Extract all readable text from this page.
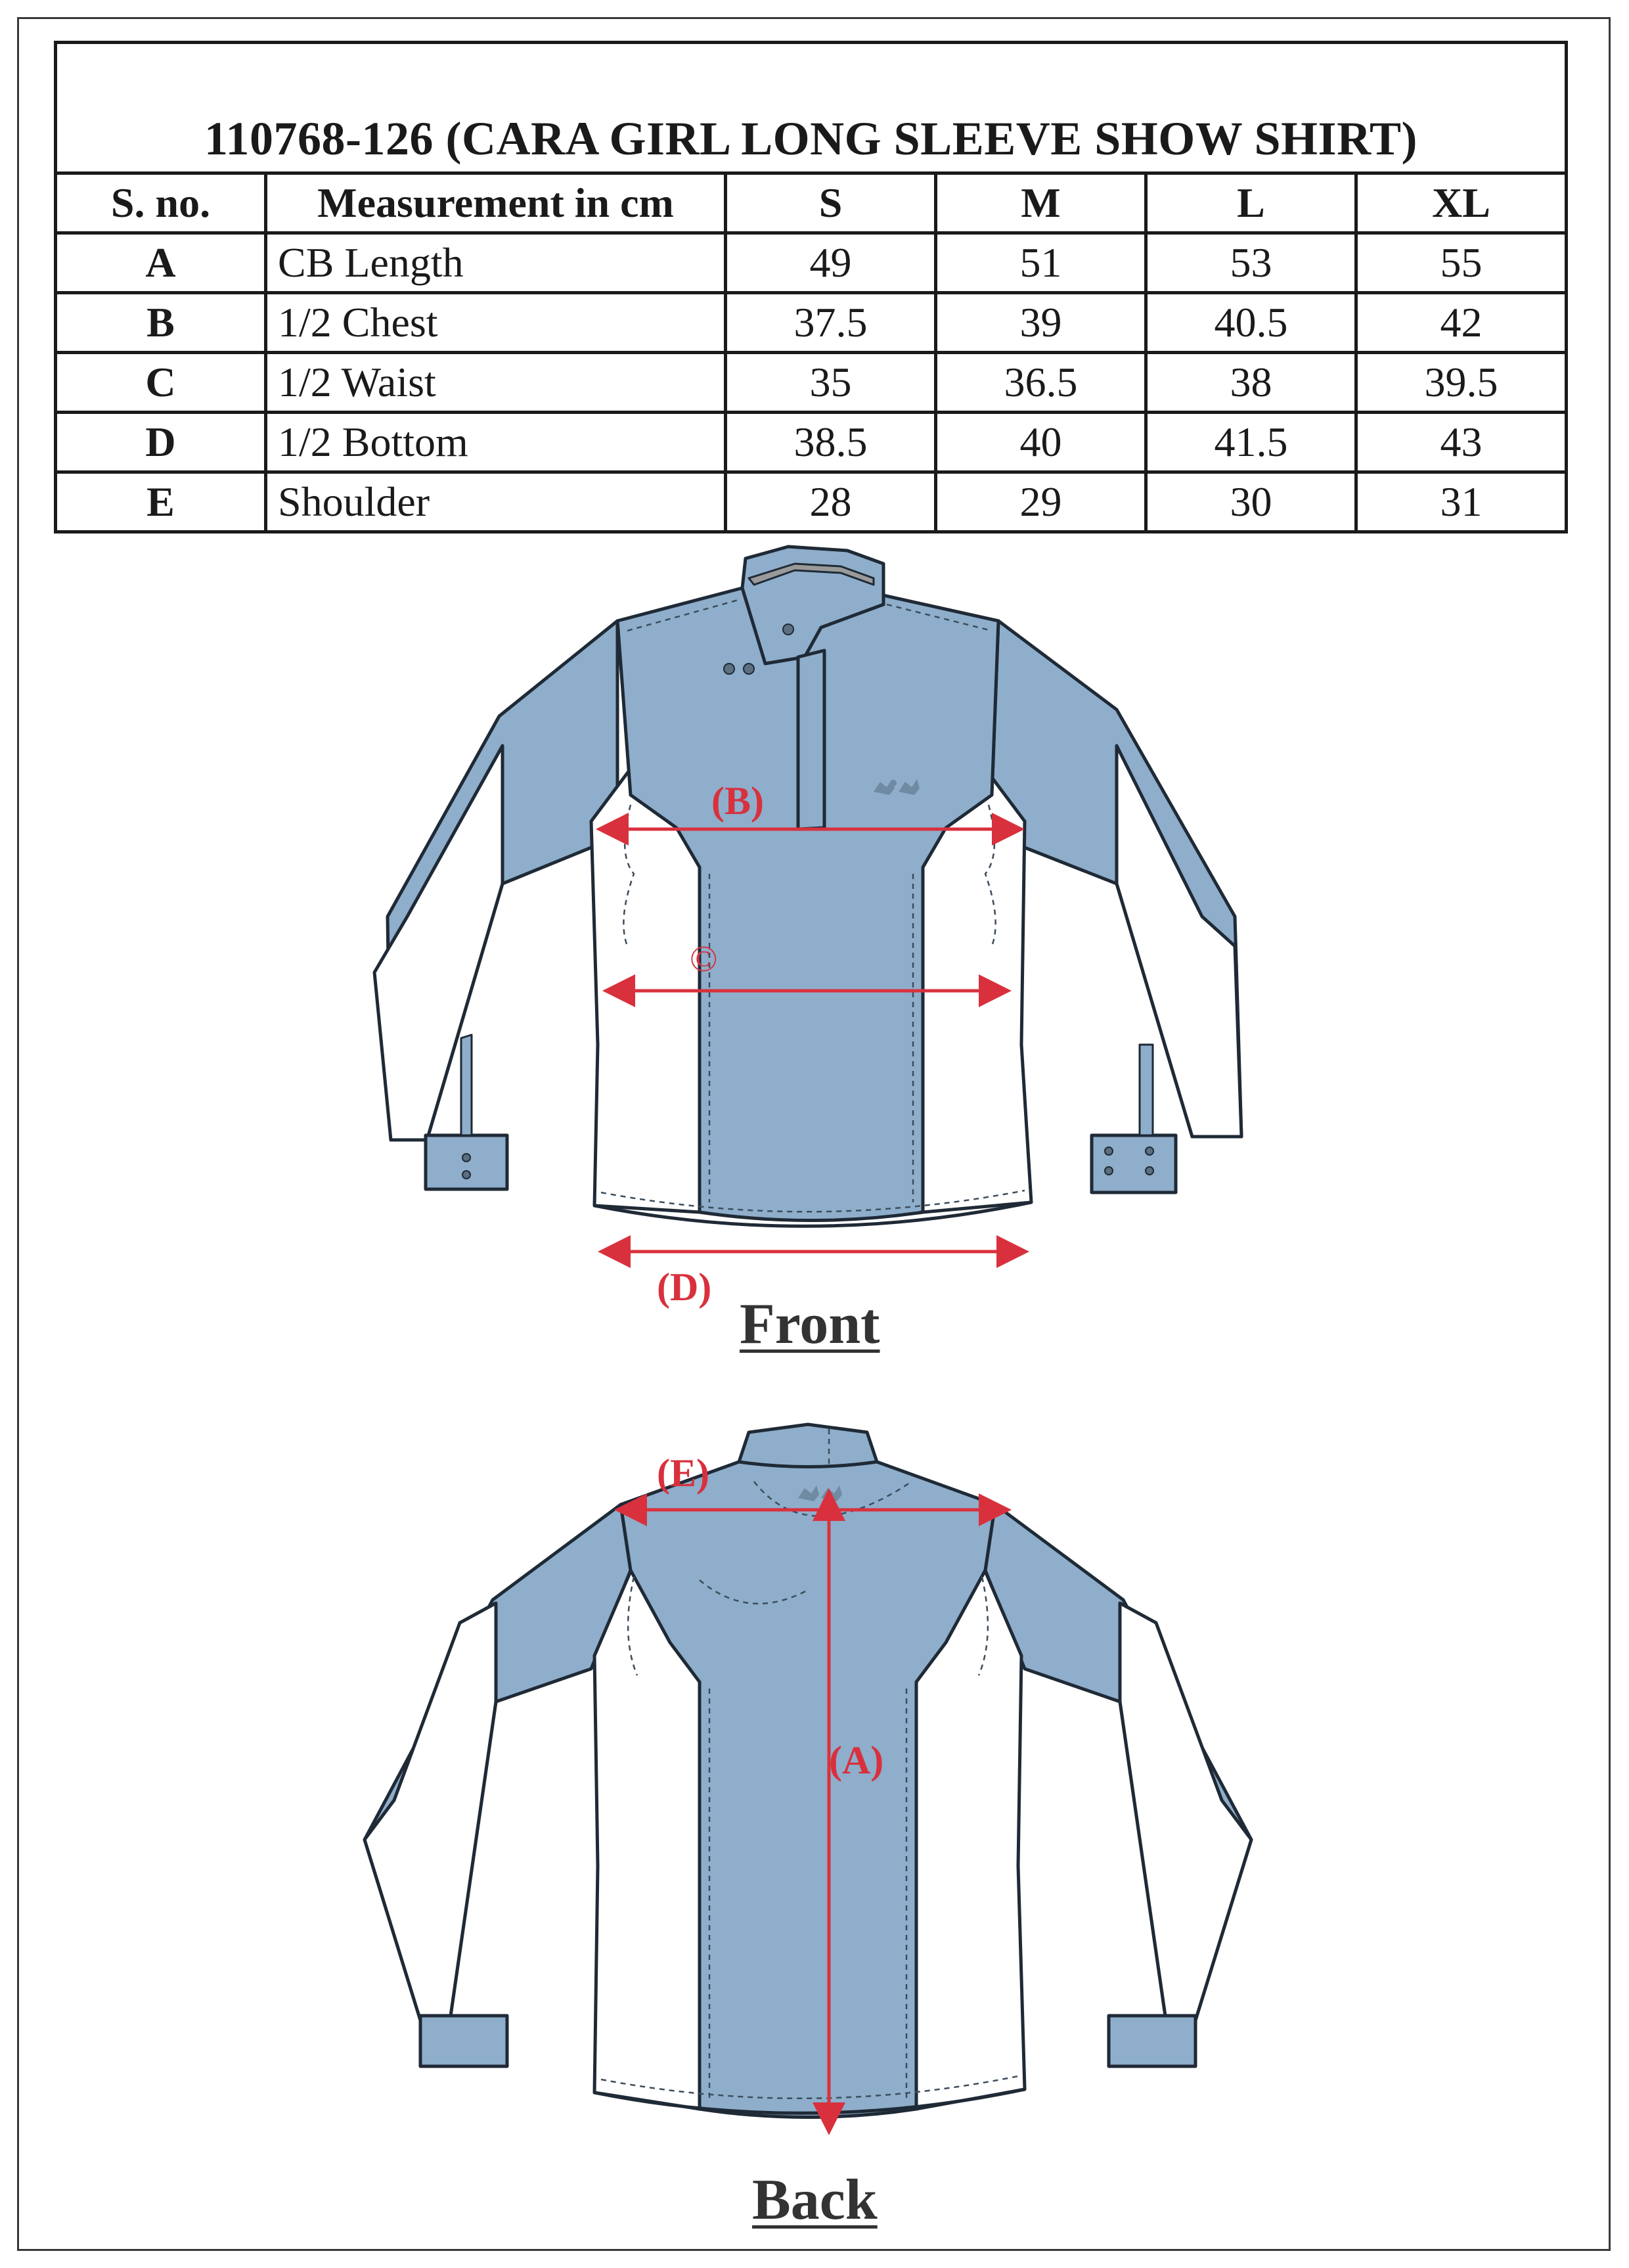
110768-126 (CARA GIRL LONG SLEEVE SHOW SHIRT)					
S. no.	Measurement in cm	S	M	L	XL
A	CB Length	49	51	53	55
B	1/2 Chest	37.5	39	40.5	42
C	1/2 Waist	35	36.5	38	39.5
D	1/2 Bottom	38.5	40	41.5	43
E	Shoulder	28	29	30	31
(B)
©
(D)
(E)
(A)
Front
Back
